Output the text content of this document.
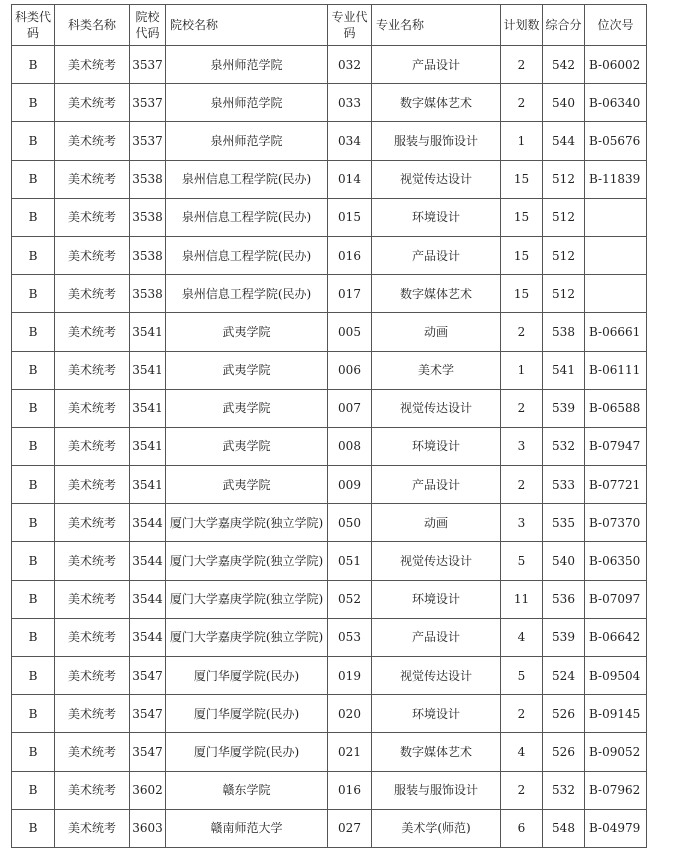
科类代码	科类名称	院校代码	院校名称	专业代码	专业名称	计划数	综合分	位次号
B	美术统考	3537	泉州师范学院	032	产品设计	2	542	B-06002
B	美术统考	3537	泉州师范学院	033	数字媒体艺术	2	540	B-06340
B	美术统考	3537	泉州师范学院	034	服装与服饰设计	1	544	B-05676
B	美术统考	3538	泉州信息工程学院(民办)	014	视觉传达设计	15	512	B-11839
B	美术统考	3538	泉州信息工程学院(民办)	015	环境设计	15	512	
B	美术统考	3538	泉州信息工程学院(民办)	016	产品设计	15	512	
B	美术统考	3538	泉州信息工程学院(民办)	017	数字媒体艺术	15	512	
B	美术统考	3541	武夷学院	005	动画	2	538	B-06661
B	美术统考	3541	武夷学院	006	美术学	1	541	B-06111
B	美术统考	3541	武夷学院	007	视觉传达设计	2	539	B-06588
B	美术统考	3541	武夷学院	008	环境设计	3	532	B-07947
B	美术统考	3541	武夷学院	009	产品设计	2	533	B-07721
B	美术统考	3544	厦门大学嘉庚学院(独立学院)	050	动画	3	535	B-07370
B	美术统考	3544	厦门大学嘉庚学院(独立学院)	051	视觉传达设计	5	540	B-06350
B	美术统考	3544	厦门大学嘉庚学院(独立学院)	052	环境设计	11	536	B-07097
B	美术统考	3544	厦门大学嘉庚学院(独立学院)	053	产品设计	4	539	B-06642
B	美术统考	3547	厦门华厦学院(民办)	019	视觉传达设计	5	524	B-09504
B	美术统考	3547	厦门华厦学院(民办)	020	环境设计	2	526	B-09145
B	美术统考	3547	厦门华厦学院(民办)	021	数字媒体艺术	4	526	B-09052
B	美术统考	3602	赣东学院	016	服装与服饰设计	2	532	B-07962
B	美术统考	3603	赣南师范大学	027	美术学(师范)	6	548	B-04979
